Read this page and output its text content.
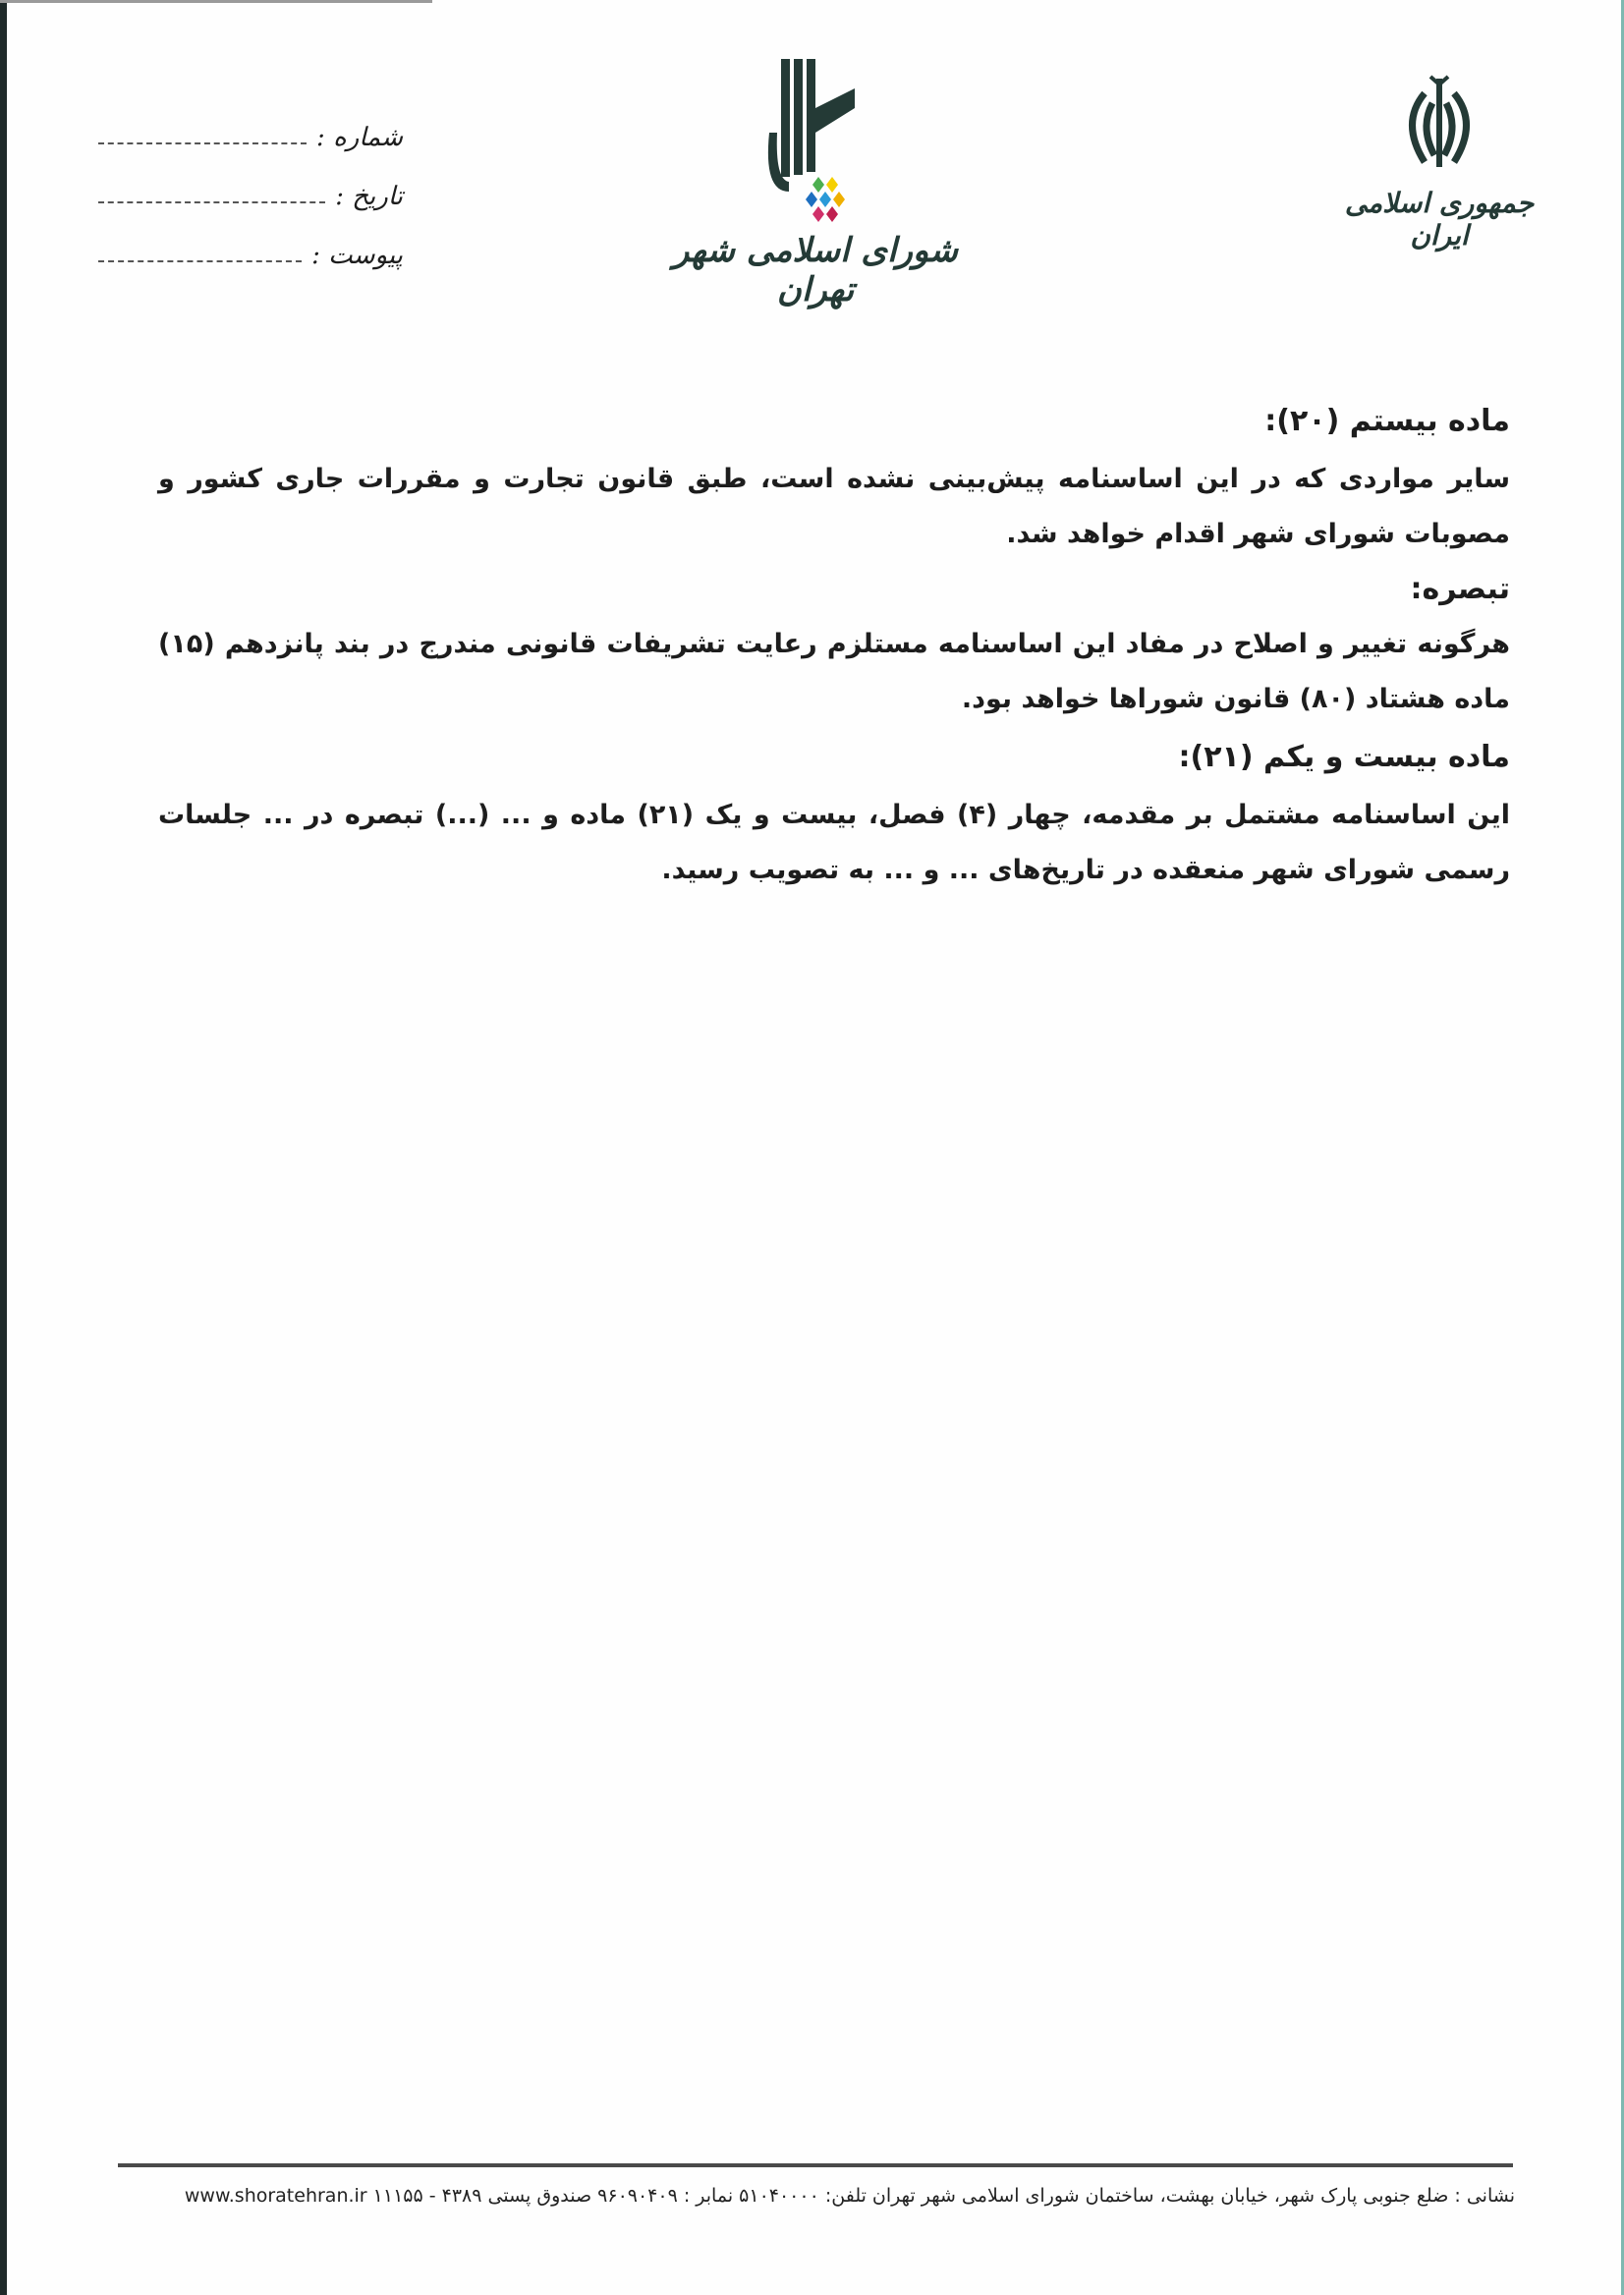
شماره :
تاریخ :
پیوست :	شورای اسلامی شهر تهران
جمهوری اسلامی ایران

ماده بیستم (۲۰):

سایر مواردی که در این اساسنامه پیش‌بینی نشده است، طبق قانون تجارت و مقررات جاری کشور و مصوبات شورای شهر اقدام خواهد شد.

تبصره:

هرگونه تغییر و اصلاح در مفاد این اساسنامه مستلزم رعایت تشریفات قانونی مندرج در بند پانزدهم (۱۵) ماده هشتاد (۸۰) قانون شوراها خواهد بود.

ماده بیست و یکم (۲۱):

این اساسنامه مشتمل بر مقدمه، چهار (۴) فصل، بیست و یک (۲۱) ماده و ... (...) تبصره در ... جلسات رسمی شورای شهر منعقده در تاریخ‌های ... و ... به تصویب رسید.

نشانی : ضلع جنوبی پارک شهر، خیابان بهشت، ساختمان شورای اسلامی شهر تهران تلفن: ۵۱۰۴۰۰۰۰ نمابر : ۹۶۰۹۰۴۰۹ صندوق پستی ۴۳۸۹ - ۱۱۱۵۵ www.shoratehran.ir
